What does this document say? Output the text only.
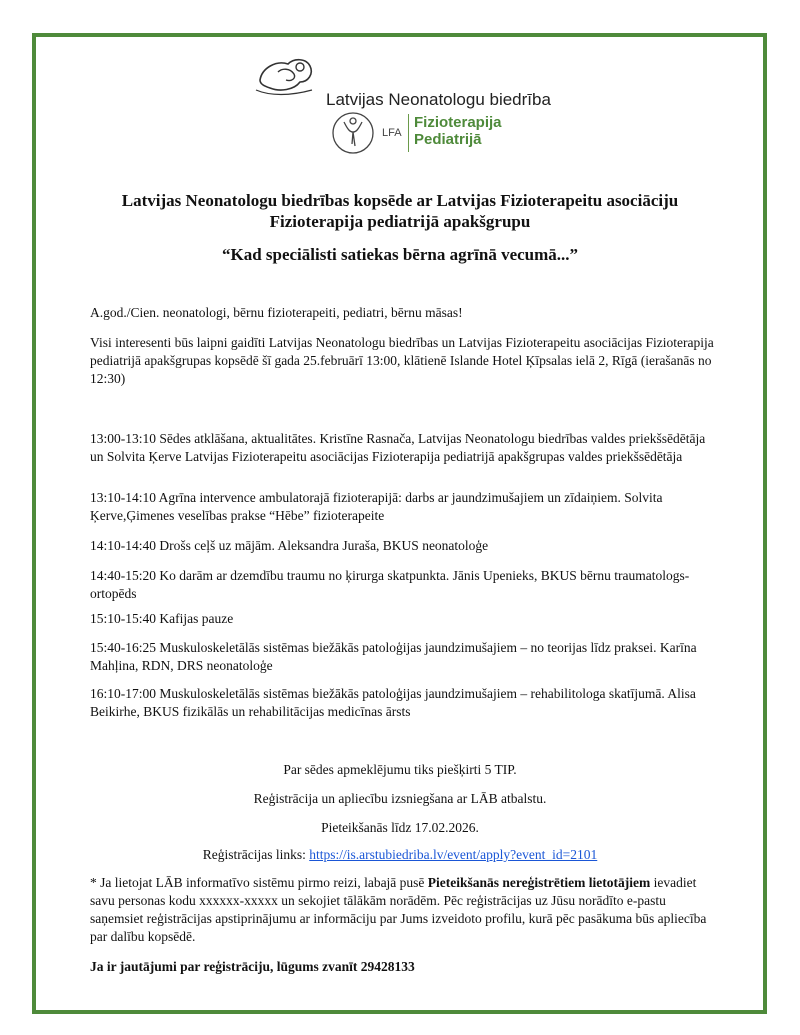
Latvijas Neonatologu biedrība
LFA
Fizioterapija
Pediatrijā
Latvijas Neonatologu biedrības kopsēde ar Latvijas Fizioterapeitu asociāciju
Fizioterapija pediatrijā apakšgrupu
“Kad speciālisti satiekas bērna agrīnā vecumā...”
A.god./Cien. neonatologi, bērnu fizioterapeiti, pediatri, bērnu māsas!
Visi interesenti būs laipni gaidīti Latvijas Neonatologu biedrības un Latvijas Fizioterapeitu asociācijas Fizioterapija pediatrijā apakšgrupas kopsēdē šī gada 25.februārī 13:00, klātienē Islande Hotel Ķīpsalas ielā 2, Rīgā (ierašanās no 12:30)
13:00-13:10 Sēdes atklāšana, aktualitātes. Kristīne Rasnača, Latvijas Neonatologu biedrības valdes priekšsēdētāja un Solvita Ķerve Latvijas Fizioterapeitu asociācijas Fizioterapija pediatrijā apakšgrupas valdes priekšsēdētāja
13:10-14:10 Agrīna intervence ambulatorajā fizioterapijā: darbs ar jaundzimušajiem un zīdaiņiem. Solvita Ķerve,Ģimenes veselības prakse “Hēbe” fizioterapeite
14:10-14:40 Drošs ceļš uz mājām. Aleksandra Juraša, BKUS neonatoloģe
14:40-15:20 Ko darām ar dzemdību traumu no ķirurga skatpunkta. Jānis Upenieks, BKUS bērnu traumatologs-ortopēds
15:10-15:40 Kafijas pauze
15:40-16:25 Muskuloskeletālās sistēmas biežākās patoloģijas jaundzimušajiem – no teorijas līdz praksei. Karīna Mahļina, RDN, DRS neonatoloģe
16:10-17:00 Muskuloskeletālās sistēmas biežākās patoloģijas jaundzimušajiem – rehabilitologa skatījumā. Alisa Beikirhe, BKUS fizikālās un rehabilitācijas medicīnas ārsts
Par sēdes apmeklējumu tiks piešķirti 5 TIP.
Reģistrācija un apliecību izsniegšana ar LĀB atbalstu.
Pieteikšanās līdz 17.02.2026.
Reģistrācijas links: https://is.arstubiedriba.lv/event/apply?event_id=2101
* Ja lietojat LĀB informatīvo sistēmu pirmo reizi, labajā pusē Pieteikšanās nereģistrētiem lietotājiem ievadiet savu personas kodu xxxxxx-xxxxx un sekojiet tālākām norādēm. Pēc reģistrācijas uz Jūsu norādīto e-pastu saņemsiet reģistrācijas apstiprinājumu ar informāciju par Jums izveidoto profilu, kurā pēc pasākuma būs apliecība par dalību kopsēdē.
Ja ir jautājumi par reģistrāciju, lūgums zvanīt 29428133
